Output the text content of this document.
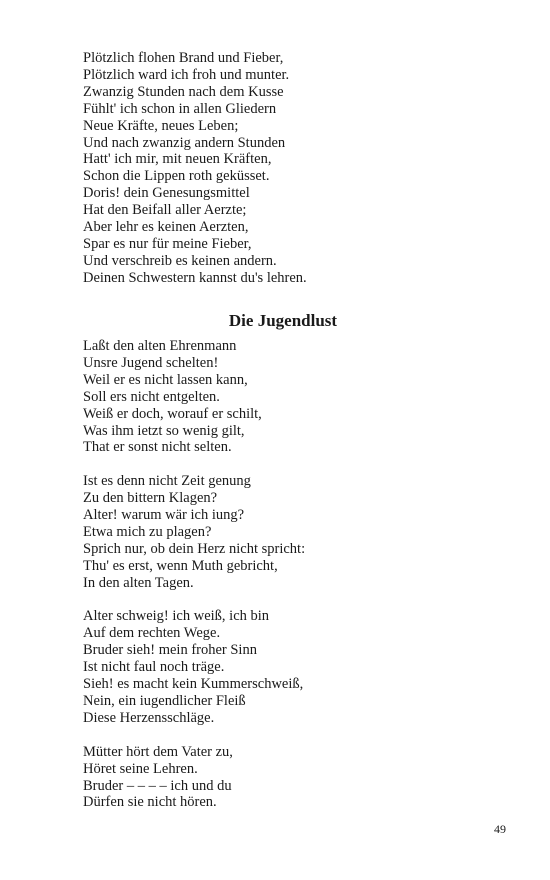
Plötzlich flohen Brand und Fieber,
Plötzlich ward ich froh und munter.
Zwanzig Stunden nach dem Kusse
Fühlt' ich schon in allen Gliedern
Neue Kräfte, neues Leben;
Und nach zwanzig andern Stunden
Hatt' ich mir, mit neuen Kräften,
Schon die Lippen roth geküsset.
Doris! dein Genesungsmittel
Hat den Beifall aller Aerzte;
Aber lehr es keinen Aerzten,
Spar es nur für meine Fieber,
Und verschreib es keinen andern.
Deinen Schwestern kannst du's lehren.
Die Jugendlust
Laßt den alten Ehrenmann
Unsre Jugend schelten!
Weil er es nicht lassen kann,
Soll ers nicht entgelten.
Weiß er doch, worauf er schilt,
Was ihm ietzt so wenig gilt,
That er sonst nicht selten.
Ist es denn nicht Zeit genung
Zu den bittern Klagen?
Alter! warum wär ich iung?
Etwa mich zu plagen?
Sprich nur, ob dein Herz nicht spricht:
Thu' es erst, wenn Muth gebricht,
In den alten Tagen.
Alter schweig! ich weiß, ich bin
Auf dem rechten Wege.
Bruder sieh! mein froher Sinn
Ist nicht faul noch träge.
Sieh! es macht kein Kummerschweiß,
Nein, ein iugendlicher Fleiß
Diese Herzensschläge.
Mütter hört dem Vater zu,
Höret seine Lehren.
Bruder – – – – ich und du
Dürfen sie nicht hören.
49
